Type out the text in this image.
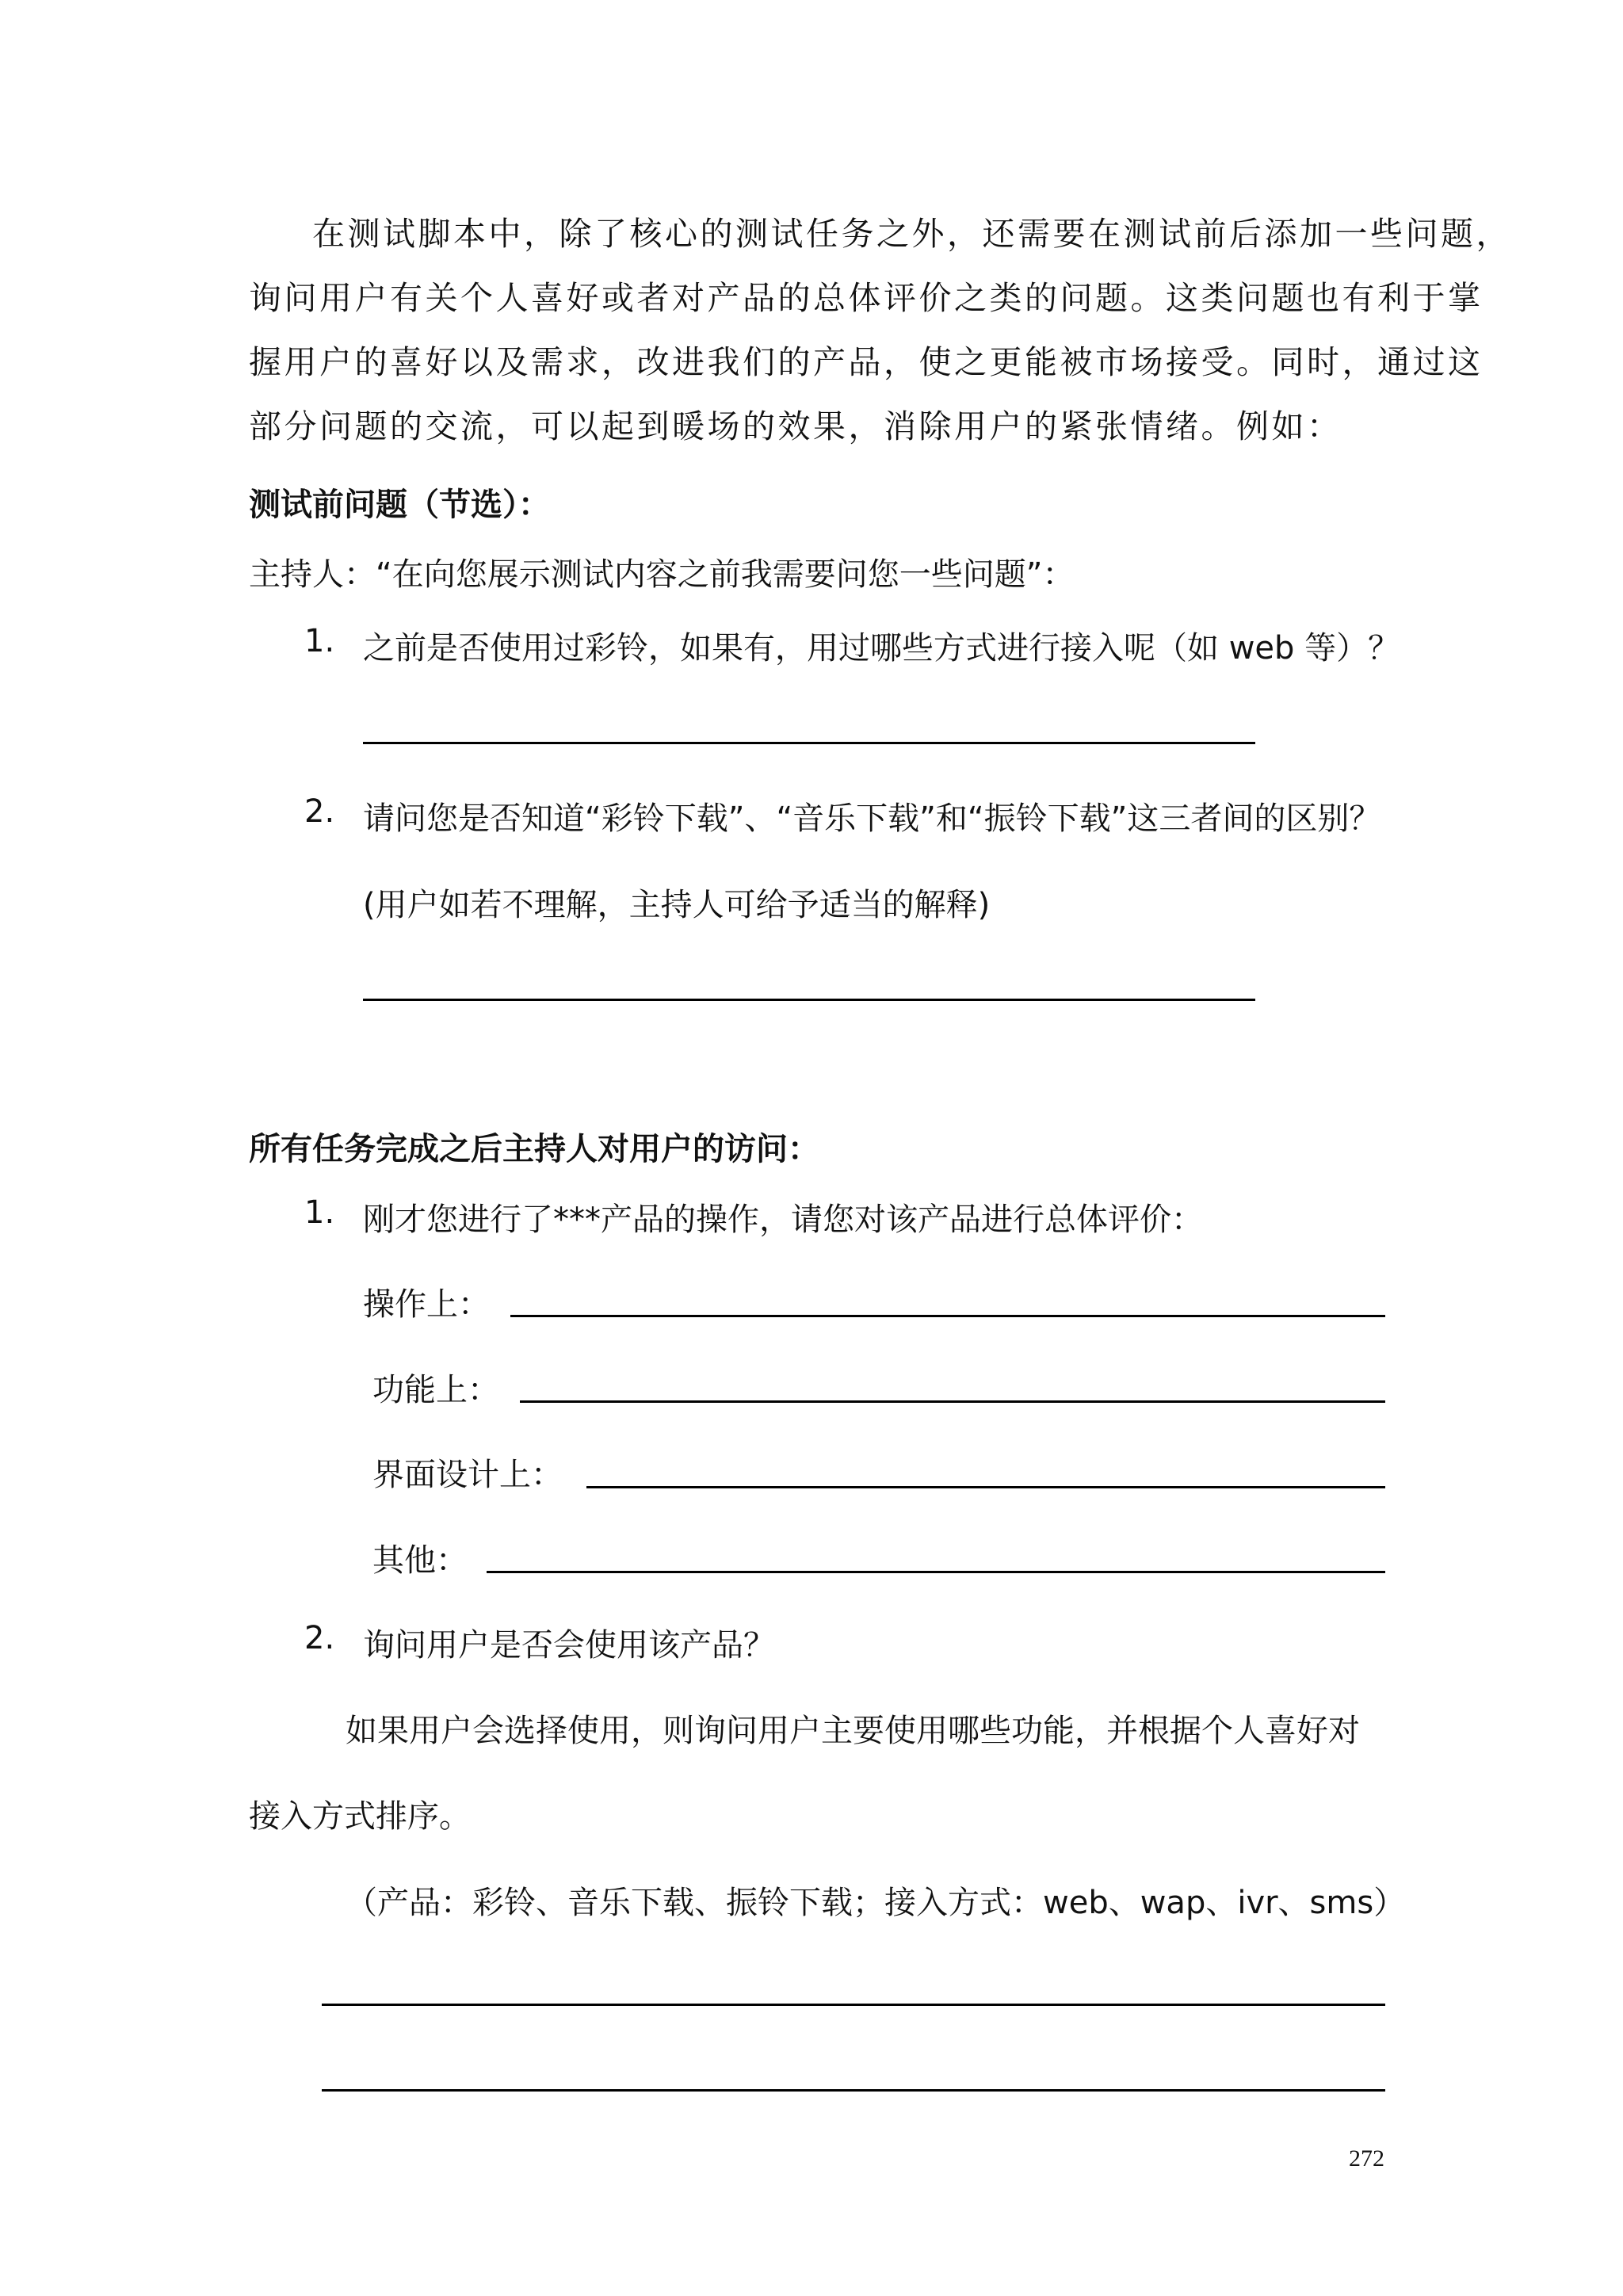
在测试脚本中，除了核心的测试任务之外，还需要在测试前后添加一些问题，
询问用户有关个人喜好或者对产品的总体评价之类的问题。这类问题也有利于掌
握用户的喜好以及需求，改进我们的产品，使之更能被市场接受。同时，通过这
部分问题的交流，可以起到暖场的效果，消除用户的紧张情绪。例如：
测试前问题（节选）：
主持人：“在向您展示测试内容之前我需要问您一些问题”：
1. 之前是否使用过彩铃，如果有，用过哪些方式进行接入呢（如 web 等）？
2. 请问您是否知道“彩铃下载”、“音乐下载”和“振铃下载”这三者间的区别？
(用户如若不理解，主持人可给予适当的解释)
所有任务完成之后主持人对用户的访问：
1. 刚才您进行了***产品的操作，请您对该产品进行总体评价：
操作上：
功能上：
界面设计上：
其他：
2. 询问用户是否会使用该产品？
如果用户会选择使用，则询问用户主要使用哪些功能，并根据个人喜好对
接入方式排序。
（产品：彩铃、音乐下载、振铃下载；接入方式：web、wap、ivr、sms）
272
